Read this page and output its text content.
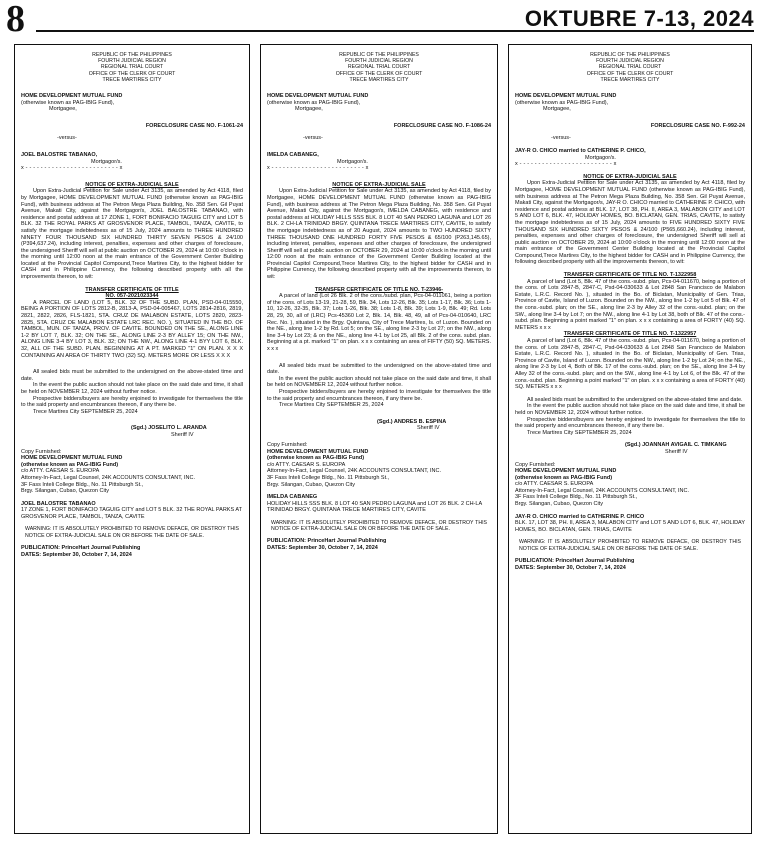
8	OKTUBRE 7-13, 2024
REPUBLIC OF THE PHILIPPINES
FOURTH JUDICIAL REGION
REGIONAL TRIAL COURT
OFFICE OF THE CLERK OF COURT
TRECE MARTIRES CITY
HOME DEVELOPMENT MUTUAL FUND
(otherwise known as PAG-IBIG Fund),
Mortgagee,
FORECLOSURE CASE NO. F-1061-24
-versus-
JOEL BALOSTRE TABANAO,
Mortgagor/s.
x - - - - - - - - - - - - - - - - - - - - - - - - - x
NOTICE OF EXTRA-JUDICIAL SALE
Upon Extra-Judicial Petition for Sale under Act 3135, as amended by Act 4118, filed by Mortgagee, HOME DEVELOPMENT MUTUAL FUND (otherwise known as PAG-IBIG Fund), with business address at The Petron Mega Plaza Building, No. 358 Sen. Gil Puyat Avenue, Makati City, against the Mortgagor/s, JOEL BALOSTRE TABANAO, with residence and postal address at 17 ZONE 1, FORT BONIFACIO TAGUIG CITY and LOT 5 BLK. 32 THE ROYAL PARKS AT GROSVENOR PLACE, TAMBOL, TANZA, CAVITE, to satisfy the mortgage indebtedness as of 15 July, 2024 amounts to THREE HUNDRED NINETY FOUR THOUSAND SIX HUNDRED THIRTY SEVEN PESOS & 24/100 (P394,637.24), including interest, penalties, expenses and other charges of foreclosure, the undersigned Sheriff will sell at public auction on OCTOBER 29, 2024 at 10:00 o'clock in the morning until 12:00 noon at the main entrance of the Government Center Building located at the Provincial Capitol Compound,Trece Martires City, to the highest bidder for CASH and in Philippine Currency, the following described property with all the improvements thereon, to wit:
TRANSFER CERTIFICATE OF TITLE
NO. 057-2021023344
A PARCEL OF LAND (LOT 5, BLK. 32 OF THE SUBD. PLAN, PSD-04-015550, BEING A PORTION OF LOTS 2812-B, 2813-A, PSD-04-005467, LOTS 2814-2816, 2819, 2821, 2822, 2826, FLS-1821, STA. CRUZ DE MALABON ESTATE, LOTS 2820, 2823-2825, STA. CRUZ DE MALABON ESTATE LRC REC. NO. ), SITUATED IN THE BO. OF TAMBOL, MUN. OF TANZA, PROV. OF CAVITE. BOUNDED ON THE SE., ALONG LINE 1-2 BY LOT 7, BLK. 32; ON THE SE., ALONG LINE 2-3 BY ALLEY 15; ON THE NW., ALONG LINE 3-4 BY LOT 3, BLK. 32; ON THE NW., ALONG LINE 4-1 BYY LOT 6, BLK. 32, ALL OF THE SUBD. PLAN. BEGINNING AT A PT. MARKED "1" ON PLAN. X X X CONTAINING AN AREA OF THIRTY TWO (32) SQ. METERS MORE OR LESS X X X
All sealed bids must be submitted to the undersigned on the above-stated time and date.
In the event the public auction should not take place on the said date and time, it shall be held on NOVEMBER 12, 2024 without further notice.
Prospective bidders/buyers are hereby enjoined to investigate for themselves the title to the said property and encumbrances thereon, if any there be.
Trece Martires City SEPTEMBER 25, 2024
(Sgd.) JOSELITO L. ARANDA
Sheriff IV
Copy Furnished:
HOME DEVELOPMENT MUTUAL FUND
(otherwise known as PAG-IBIG Fund)
c/o ATTY. CAESAR S. EUROPA
Attorney-In-Fact, Legal Counsel, 24K ACCOUNTS CONSULTANT, INC.
3F Fass Inteli College Bldg., No. 11 Pittsburgh St.,
Brgy. Silangan, Cubao, Quezon City
JOEL BALOSTRE TABANAO
17 ZONE 1, FORT BONIFACIO TAGUIG CITY and LOT 5 BLK. 32 THE ROYAL PARKS AT GROSVENOR PLACE, TAMBOL, TANZA, CAVITE
WARNING: IT IS ABSOLUTELY PROHIBITED TO REMOVE DEFACE, OR DESTROY THIS NOTICE OF EXTRA-JUDICIAL SALE ON OR BEFORE THE DATE OF SALE.
PUBLICATION: PrinceHart Journal Publishing
DATES: September 30, October 7, 14, 2024
REPUBLIC OF THE PHILIPPINES
FOURTH JUDICIAL REGION
REGIONAL TRIAL COURT
OFFICE OF THE CLERK OF COURT
TRECE MARTIRES CITY
HOME DEVELOPMENT MUTUAL FUND
(otherwise known as PAG-IBIG Fund),
Mortgagee,
FORECLOSURE CASE NO. F-1086-24
-versus-
IMELDA CABANEG,
Mortgagor/s.
x - - - - - - - - - - - - - - - - - - - - - - - - - x
NOTICE OF EXTRA-JUDICIAL SALE
Upon Extra-Judicial Petition for Sale under Act 3135, as amended by Act 4118, filed by Mortgagee, HOME DEVELOPMENT MUTUAL FUND (otherwise known as PAG-IBIG Fund), with business address at The Petron Mega Plaza Building, No. 358 Sen. Gil Puyat Avenue, Makati City, against the Mortgagor/s, IMELDA CABANEG, with residence and postal address at HOLIDAY HILLS SSS BLK. 8 LOT 40 SAN PEDRO LAGUNA and LOT 26 BLK. 2 CH-LA TRINIDAD BRGY. QUINTANA TRECE MARTIRES CITY, CAVITE, to satisfy the mortgage indebtedness as of 20 August, 2024 amounts to TWO HUNDRED SIXTY THREE THOUSAND ONE HUNDRED FORTY FIVE PESOS & 65/100 (P263,145.65), including interest, penalties, expenses and other charges of foreclosure, the undersigned Sheriff will sell at public auction on OCTOBER 29, 2024 at 10:00 o'clock in the morning until 12:00 noon at the main entrance of the Government Center Building located at the Provincial Capitol Compound,Trece Martires City, to the highest bidder for CASH and in Philippine Currency, the following described property with all the improvements thereon, to wit:
TRANSFER CERTIFICATE OF TITLE NO. T-23946-
A parcel of land (Lot 26 Blk. 2 of the cons./subd. plan, Pcs-04-011061, being a portion of the cons. of Lots 13-19, 21-28, 59, Blk. 34, Lots 12-26, Blk. 35; Lots 1-17, Blk. 36; Lots 1-10, 12-26, 32-35, Blk. 37; Lots 1-26, Blk. 38; Lots 1-8, Blk. 39; Lots 1-9, Blk. 49; Rd. Lots 28, 29, 30, all of (LRC) Pcs-45360 Lot 2, Blk. 14, Blk. 48, 49, all of Pcs-04-010640, LRC Rec. No. ), situated in the Brgy. Quintana, City of Trece Martires, Is. of Luzon. Bounded on the NE., along line 1-2 by Rd. Lot 5; on the SE., along line 2-3 by Lot 27; on the NW., along line 3-4 by Lot 23; & on the NE., along line 4-1 by Lot 25, all Blk. 2 of the cons. subd. plan. Beginning at a pt. marked "1" on plan. x x x containing an area of FIFTY (50) SQ. METERS. x x x
All sealed bids must be submitted to the undersigned on the above-stated time and date.
In the event the public auction should not take place on the said date and time, it shall be held on NOVEMBER 12, 2024 without further notice.
Prospective bidders/buyers are hereby enjoined to investigate for themselves the title to the said property and encumbrances thereon, if any there be.
Trece Martires City SEPTEMBER 25, 2024
(Sgd.) ANDRES B. ESPINA
Sheriff IV
Copy Furnished:
HOME DEVELOPMENT MUTUAL FUND
(otherwise known as PAG-IBIG Fund)
c/o ATTY. CAESAR S. EUROPA
Attorney-In-Fact, Legal Counsel, 24K ACCOUNTS CONSULTANT, INC.
3F Fass Inteli College Bldg., No. 11 Pittsburgh St.,
Brgy. Silangan, Cubao, Quezon City
IMELDA CABANEG
HOLIDAY HILLS SSS BLK. 8 LOT 40 SAN PEDRO LAGUNA and LOT 26 BLK. 2 CH-LA TRINIDAD BRGY. QUINTANA TRECE MARTIRES CITY, CAVITE
WARNING: IT IS ABSOLUTELY PROHIBITED TO REMOVE DEFACE, OR DESTROY THIS NOTICE OF EXTRA-JUDICIAL SALE ON OR BEFORE THE DATE OF SALE.
PUBLICATION: PrinceHart Journal Publishing
DATES: September 30, October 7, 14, 2024
REPUBLIC OF THE PHILIPPINES
FOURTH JUDICIAL REGION
REGIONAL TRIAL COURT
OFFICE OF THE CLERK OF COURT
TRECE MARTIRES CITY
HOME DEVELOPMENT MUTUAL FUND
(otherwise known as PAG-IBIG Fund),
Mortgagee,
FORECLOSURE CASE NO. F-992-24
-versus-
JAY-R O. CHICO married to CATHERINE P. CHICO,
Mortgagor/s.
x - - - - - - - - - - - - - - - - - - - - - - - - - x
NOTICE OF EXTRA-JUDICIAL SALE
Upon Extra-Judicial Petition for Sale under Act 3135, as amended by Act 4118, filed by Mortgagee, HOME DEVELOPMENT MUTUAL FUND (otherwise known as PAG-IBIG Fund), with business address at The Petron Mega Plaza Building, No. 358 Sen. Gil Puyat Avenue, Makati City, against the Mortgagor/s, JAY-R O. CHICO married to CATHERINE P. CHICO, with residence and postal address at BLK. 17, LOT 38, PH. II, AREA 3, MALABON CITY and LOT 5 AND LOT 6, BLK. 47, HOLIDAY HOMES, BO. BICLATAN, GEN. TRIAS, CAVITE, to satisfy the mortgage indebtedness as of 15 July, 2024 amounts to FIVE HUNDRED SIXTY FIVE THOUSAND SIX HUNDRED SIXTY PESOS & 24/100 (P565,660.24), including interest, penalties, expenses and other charges of foreclosure, the undersigned Sheriff will sell at public auction on OCTOBER 29, 2024 at 10:00 o'clock in the morning until 12:00 noon at the main entrance of the Government Center Building located at the Provincial Capitol Compound,Trece Martires City, to the highest bidder for CASH and in Philippine Currency, the following described property with all the improvements thereon, to wit:
TRANSFER CERTIFICATE OF TITLE NO. T-1322958
A parcel of land (Lot 5, Blk. 47 of the cons.-subd. plan, Pcs-04-011670, being a portion of the cons. of Lots 2847-B, 2847-C, Psd-04-030633 & Lot 2848 San Francisco de Malabon Estate, L.R.C. Record No. ), situated in the Bo. of Biclatan, Municipality of Gen. Trias, Province of Cavite, Island of Luzon. Bounded on the NW., along line 1-2 by Lot 5 of Blk. 47 of the cons.-subd. plan; on the SE., along line 2-3 by Alley 32 of the cons.-subd. plan; on the SW., along line 3-4 by Lot 7; on the NW., along line 4-1 by Lot 38, both of Blk. 47 of the cons.-subd. plan. Beginning a point marked "1" on plan. x x x containing a area of FORTY (40) SQ. METERS x x x
TRANSFER CERTIFICATE OF TITLE NO. T-1322957
A parcel of land (Lot 6, Blk. 47 of the cons.-subd. plan, Pcs-04-011670, being a portion of the cons. of Lots 2847-B, 2847-C, Psd-04-030633 & Lot 2848 San Francisco de Malabon Estate, L.R.C. Record No. ), situated in the Bo. of Biclatan, Municipality of Gen. Trias, Province of Cavite, Island of Luzon. Bounded on the NW., along line 1-2 by Lot 24; on the NE., along line 2-3 by Lot 4, Both of Blk. 17 of the cons.-subd. plan; on the SE., along line 3-4 by Alley 32 of the cons.-subd. plan; and on the SW., along line 4-1 by Lot 6, of the Blk. 47 of the cons.-subd. plan. Beginning a point marked "1" on plan. x x x containing a area of FORTY (40) SQ. METERS x x x
All sealed bids must be submitted to the undersigned on the above-stated time and date.
In the event the public auction should not take place on the said date and time, it shall be held on NOVEMBER 12, 2024 without further notice.
Prospective bidders/buyers are hereby enjoined to investigate for themselves the title to the said property and encumbrances thereon, if any there be.
Trece Martires City SEPTEMBER 25, 2024
(Sgd.) JOANNAH AVIGAIL C. TIMKANG
Sheriff IV
Copy Furnished:
HOME DEVELOPMENT MUTUAL FUND
(otherwise known as PAG-IBIG Fund)
c/o ATTY. CAESAR S. EUROPA
Attorney-In-Fact, Legal Counsel, 24K ACCOUNTS CONSULTANT, INC.
3F Fass Inteli College Bldg., No. 11 Pittsburgh St.,
Brgy. Silangan, Cubao, Quezon City
JAY-R O. CHICO married to CATHERINE P. CHICO
BLK. 17, LOT 38, PH. II, AREA 3, MALABON CITY and LOT 5 AND LOT 6, BLK. 47, HOLIDAY HOMES, BO. BICLATAN, GEN. TRIAS, CAVITE
WARNING: IT IS ABSOLUTELY PROHIBITED TO REMOVE DEFACE, OR DESTROY THIS NOTICE OF EXTRA-JUDICIAL SALE ON OR BEFORE THE DATE OF SALE.
PUBLICATION: PrinceHart Journal Publishing
DATES: September 30, October 7, 14, 2024
